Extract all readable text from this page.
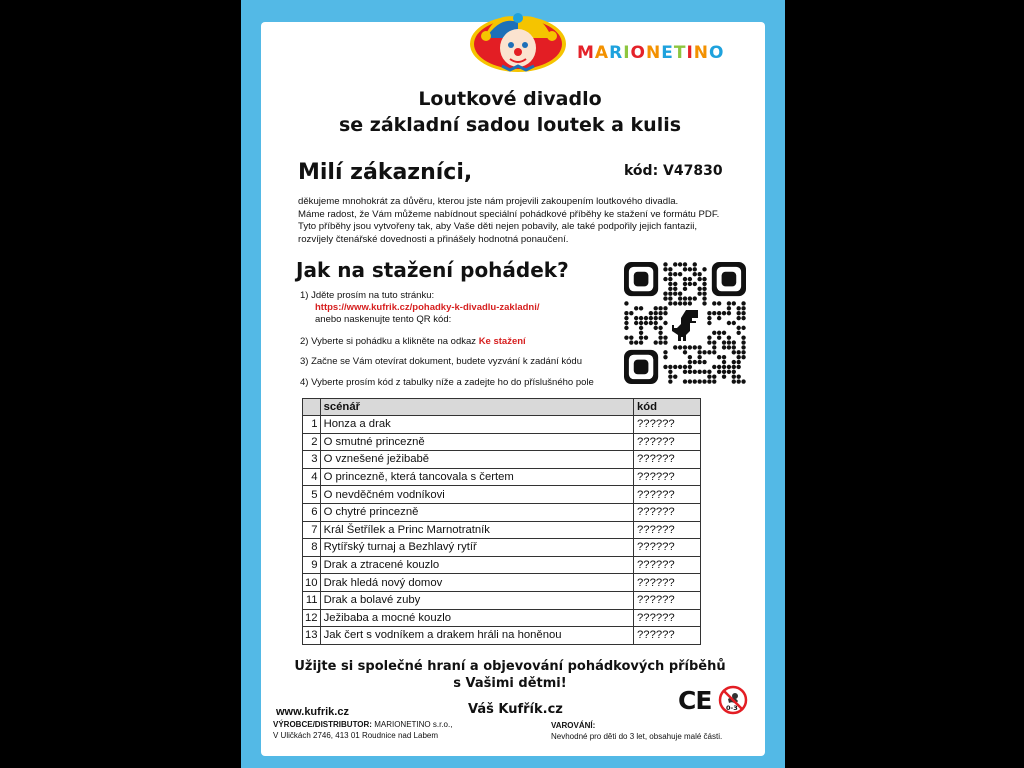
MARIONETINO
Loutkové divadlo
se základní sadou loutek a kulis
Milí zákazníci,	kód: V47830
děkujeme mnohokrát za důvěru, kterou jste nám projevili zakoupením loutkového divadla.
Máme radost, že Vám můžeme nabídnout speciální pohádkové příběhy ke stažení ve formátu PDF.
Tyto příběhy jsou vytvořeny tak, aby Vaše děti nejen pobavily, ale také podpořily jejich fantazii,
rozvíjely čtenářské dovednosti a přinášely hodnotná ponaučení.
Jak na stažení pohádek?
1) Jděte prosím na tuto stránku:
https://www.kufrik.cz/pohadky-k-divadlu-zakladni/
anebo naskenujte tento QR kód:
2) Vyberte si pohádku a klikněte na odkaz Ke stažení
3) Začne se Vám otevírat dokument, budete vyzvání k zadání kódu
4) Vyberte prosím kód z tabulky níže a zadejte ho do příslušného pole
	scénář	kód
1	Honza a drak	??????
2	O smutné princezně	??????
3	O vznešené ježibabě	??????
4	O princezně, která tancovala s čertem	??????
5	O nevděčném vodníkovi	??????
6	O chytré princezně	??????
7	Král Šetřílek a Princ Marnotratník	??????
8	Rytířský turnaj a Bezhlavý rytíř	??????
9	Drak a ztracené kouzlo	??????
10	Drak hledá nový domov	??????
11	Drak a bolavé zuby	??????
12	Ježibaba a mocné kouzlo	??????
13	Jak čert s vodníkem a drakem hráli na honěnou	??????
Užijte si společné hraní a objevování pohádkových příběhů
s Vašimi dětmi!
Váš Kufřík.cz
www.kufrik.cz
VÝROBCE/DISTRIBUTOR: MARIONETINO s.r.o.,
V Uličkách 2746, 413 01 Roudnice nad Labem
VAROVÁNÍ:
Nevhodné pro děti do 3 let, obsahuje malé části.
CE 0-3
